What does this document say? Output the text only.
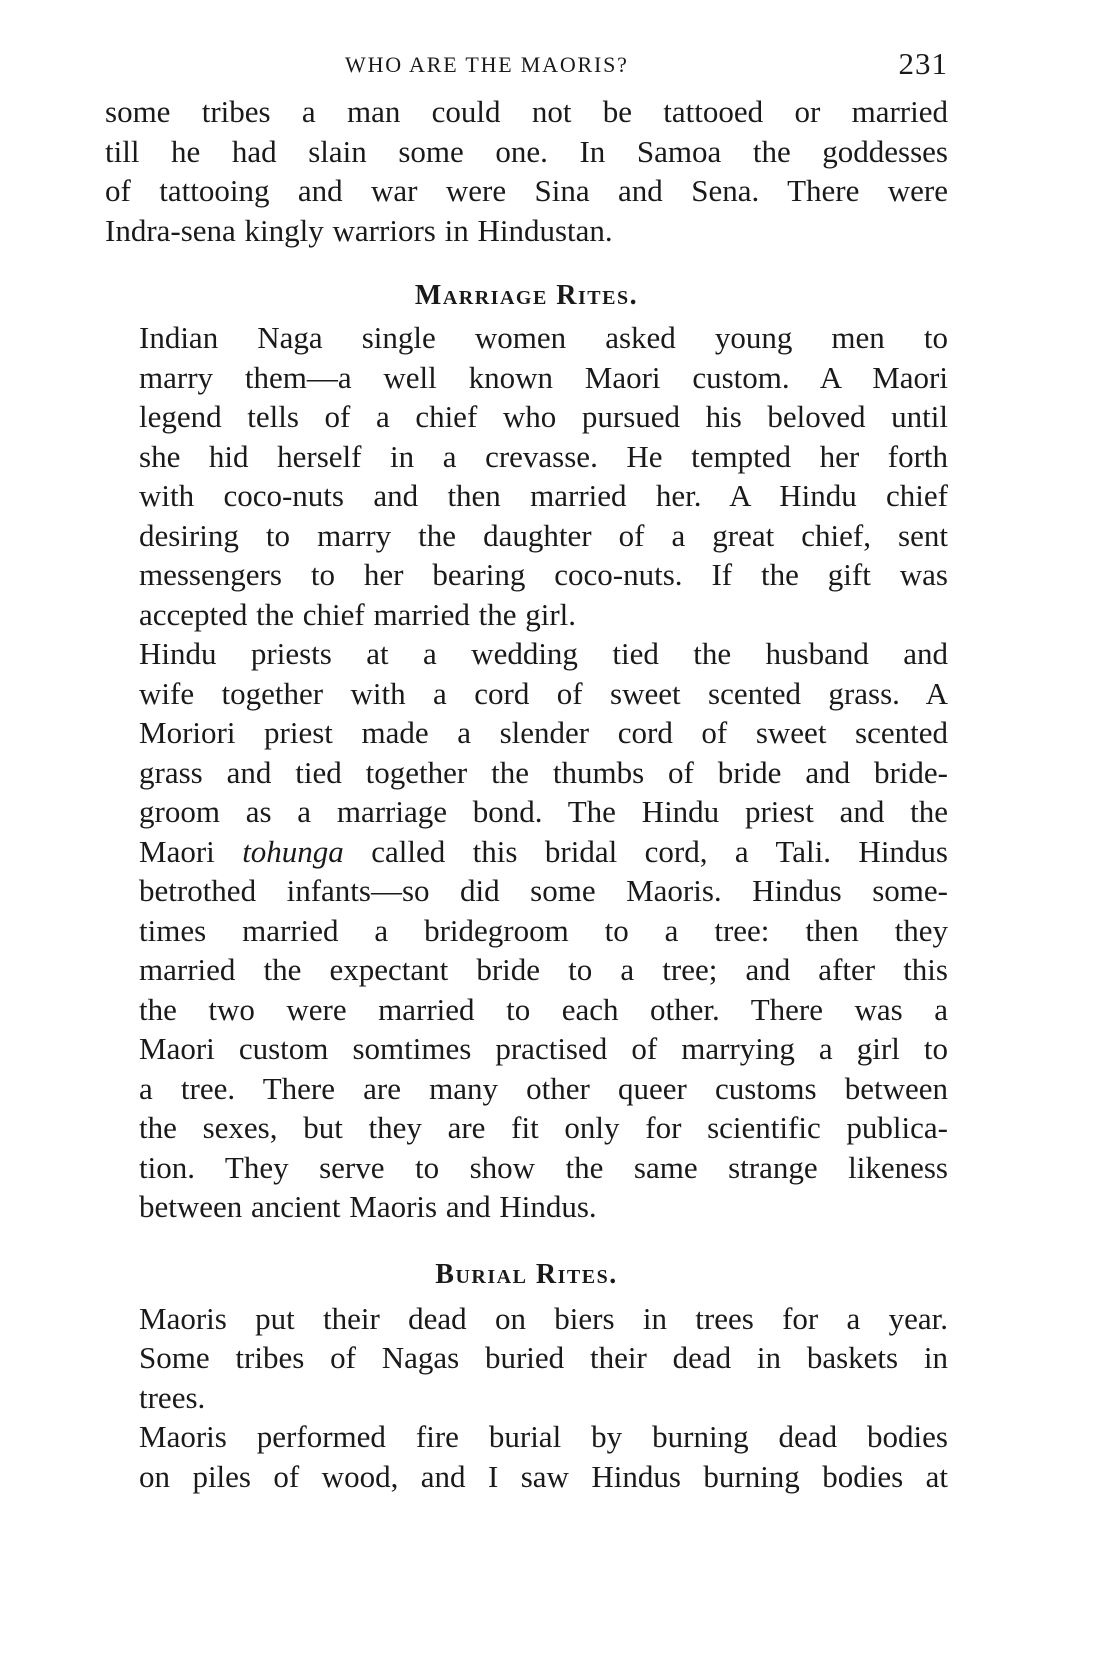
WHO ARE THE MAORIS?	231

some tribes a man could not be tattooed or married
till he had slain some one. In Samoa the goddesses
of tattooing and war were Sina and Sena. There were
Indra-sena kingly warriors in Hindustan.

Marriage Rites.

Indian Naga single women asked young men to
marry them—a well known Maori custom. A Maori
legend tells of a chief who pursued his beloved until
she hid herself in a crevasse. He tempted her forth
with coco-nuts and then married her. A Hindu chief
desiring to marry the daughter of a great chief, sent
messengers to her bearing coco-nuts. If the gift was
accepted the chief married the girl.

Hindu priests at a wedding tied the husband and
wife together with a cord of sweet scented grass. A
Moriori priest made a slender cord of sweet scented
grass and tied together the thumbs of bride and bride-
groom as a marriage bond. The Hindu priest and the
Maori tohunga called this bridal cord, a Tali. Hindus
betrothed infants—so did some Maoris. Hindus some-
times married a bridegroom to a tree: then they
married the expectant bride to a tree; and after this
the two were married to each other. There was a
Maori custom somtimes practised of marrying a girl to
a tree. There are many other queer customs between
the sexes, but they are fit only for scientific publica-
tion. They serve to show the same strange likeness
between ancient Maoris and Hindus.

Burial Rites.

Maoris put their dead on biers in trees for a year.
Some tribes of Nagas buried their dead in baskets in
trees.

Maoris performed fire burial by burning dead bodies
on piles of wood, and I saw Hindus burning bodies at
